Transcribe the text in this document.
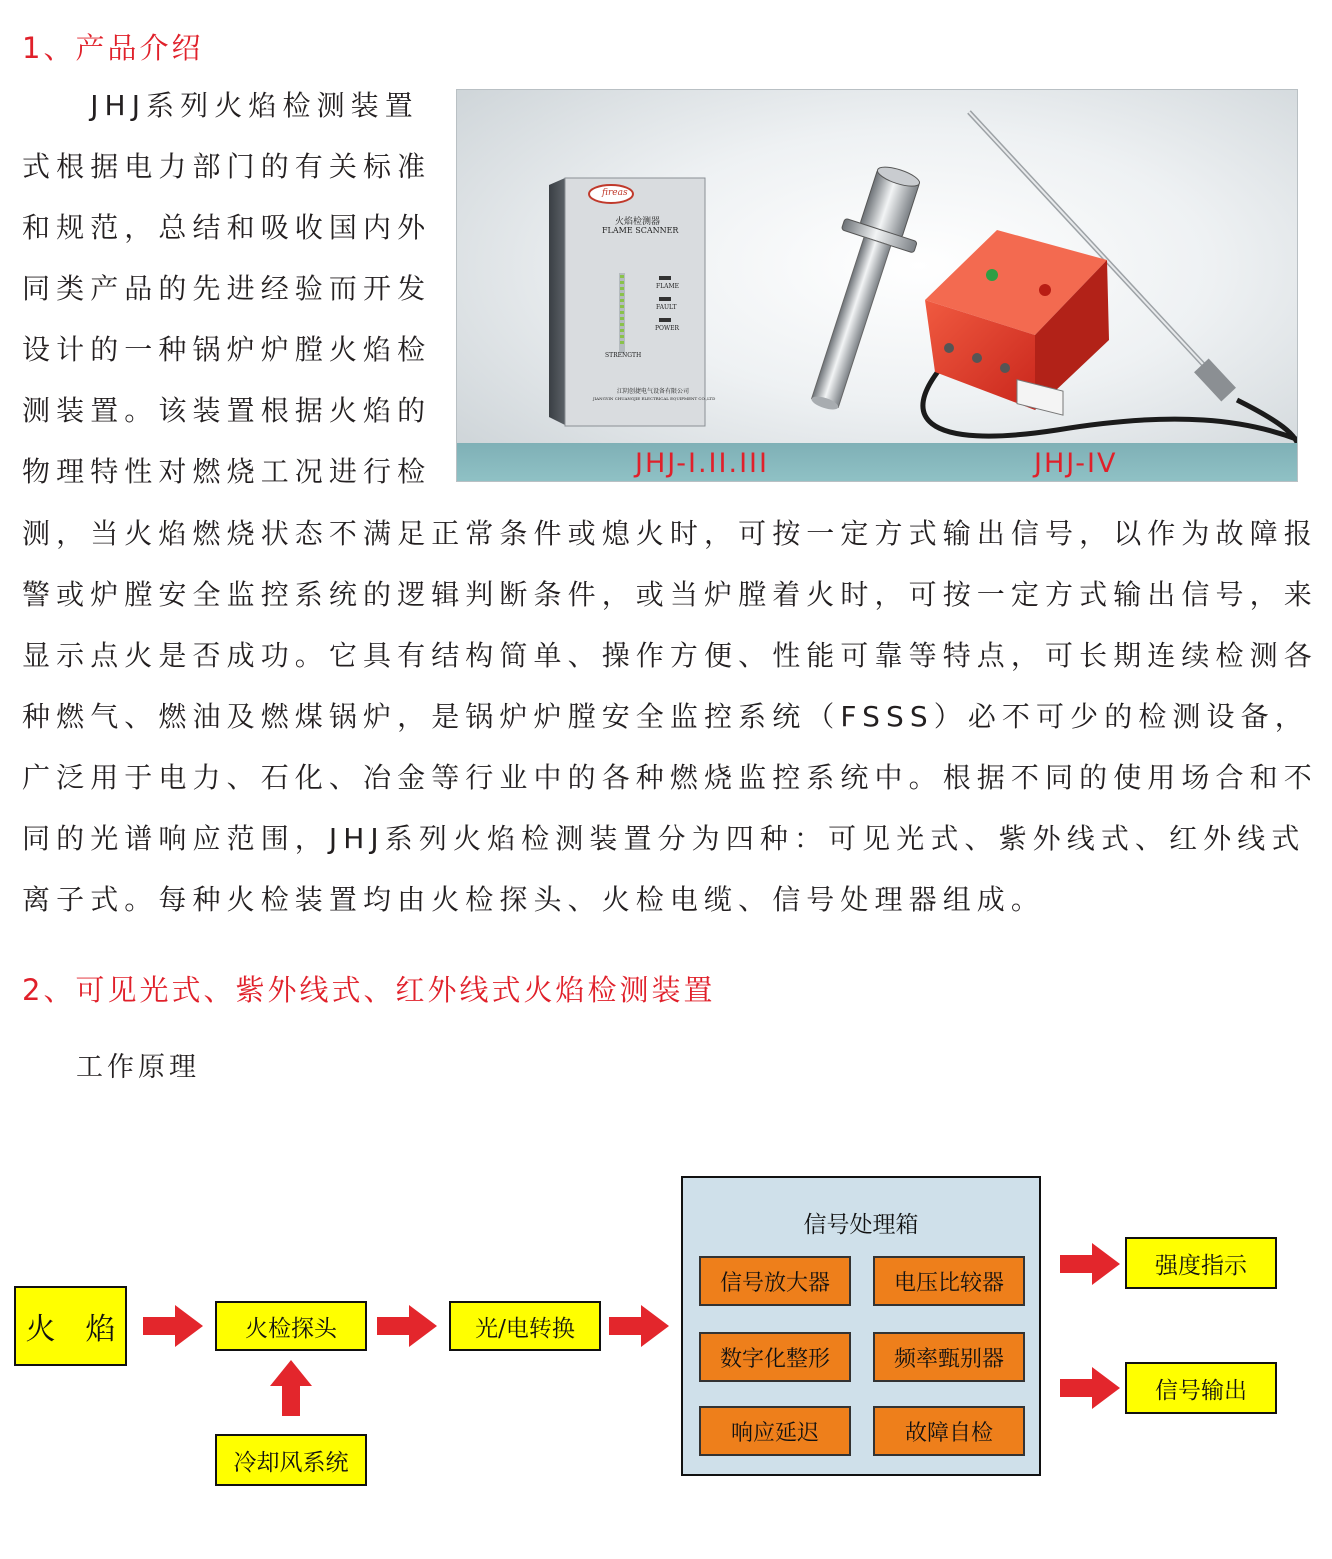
1、产品介绍
　　JHJ系列火焰检测装置
式根据电力部门的有关标准
和规范，总结和吸收国内外
同类产品的先进经验而开发
设计的一种锅炉炉膛火焰检
测装置。该装置根据火焰的
物理特性对燃烧工况进行检
测，当火焰燃烧状态不满足正常条件或熄火时，可按一定方式输出信号，以作为故障报
警或炉膛安全监控系统的逻辑判断条件，或当炉膛着火时，可按一定方式输出信号，来
显示点火是否成功。它具有结构简单、操作方便、性能可靠等特点，可长期连续检测各
种燃气、燃油及燃煤锅炉，是锅炉炉膛安全监控系统（FSSS）必不可少的检测设备，
广泛用于电力、石化、冶金等行业中的各种燃烧监控系统中。根据不同的使用场合和不
同的光谱响应范围，JHJ系列火焰检测装置分为四种：可见光式、紫外线式、红外线式
离子式。每种火检装置均由火检探头、火检电缆、信号处理器组成。
fireas
火焰检测器
FLAME SCANNER
FLAME
FAULT
POWER
STRENGTH
江阴创捷电气设备有限公司
JIANGYIN CHUANGJIE ELECTRICAL EQUIPMENT CO.,LTD
JHJ-I.II.III	JHJ-IV
2、可见光式、紫外线式、红外线式火焰检测装置
工作原理
火　焰	火检探头	光/电转换
冷却风系统
信号处理箱
信号放大器	电压比较器
数字化整形	频率甄别器
响应延迟	故障自检
强度指示
信号输出
